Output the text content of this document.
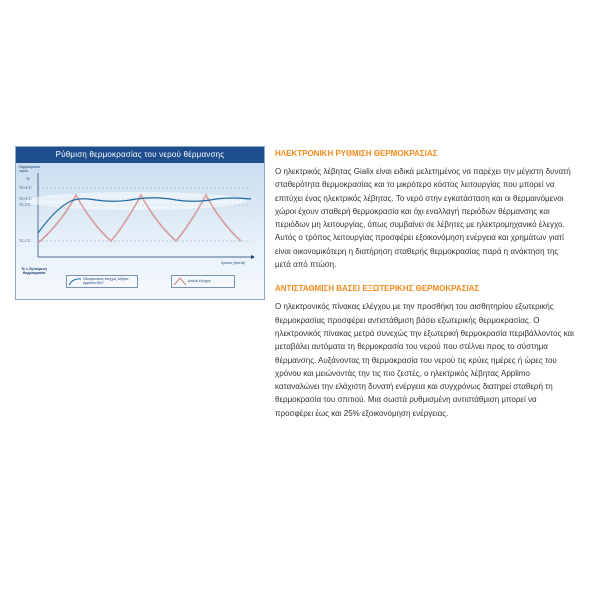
Ρύθμιση θερμοκρασίας του νερού θέρμανσης
Θερμοκρασία νερού
Tc
TC+1°C
TC+1°C
TC-1°C
TC-1°C
Χρόνος (λεπτά)
Tc = Ζητούμενη Θερμοκρασία
Ηλεκτρονικός έλεγχος λέβητα Applimo MX+	Απλός έλεγχος
ΗΛΕΚΤΡΟΝΙΚΗ ΡΥΘΜΙΣΗ ΘΕΡΜΟΚΡΑΣΙΑΣ

Ο ηλεκτρικός λέβητας Gialix είναι ειδικά μελετημένος να παρέχει την μέγιστη δυνατή σταθερότητα θερμοκρασίας και το μικρότερο κόστος λειτουργίας που μπορεί να επιτύχει ένας ηλεκτρικός λέβητας. Το νερό στην εγκατάσταση και οι θερμαινόμενοι χώροι έχουν σταθερή θερμοκρασία και όχι εναλλαγή περιόδων θέρμανσης και περιόδων μη λειτουργίας, όπως συμβαίνει σε λέβητες με ηλεκτρομηχανικό έλεγχο. Αυτός ο τρόπος λειτουργίας προσφέρει εξοικονόμηση ενέργεια και χρημάτων γιατί είναι οικονομικότερη η διατήρηση σταθερής θερμοκρασίας παρά η ανάκτηση της μετά από πτώση.

ΑΝΤΙΣΤΑΘΜΙΣΗ ΒΑΣΕΙ ΕΞΩΤΕΡΙΚΗΣ ΘΕΡΜΟΚΡΑΣΙΑΣ

Ο ηλεκτρονικός πίνακας ελέγχου με την προσθήκη του αισθητηρίου εξωτερικής θερμοκρασίας προσφέρει αντιστάθμιση βάσει εξωτερικής θερμοκρασίας. Ο ηλεκτρονικός πίνακας μετρά συνεχώς την εξωτερική θερμοκρασία περιβάλλοντος και μεταβάλει αυτόματα τη θερμοκρασία του νερού που στέλνει προς το σύστημα θέρμανσης. Αυξάνοντας τη θερμοκρασία του νερού τις κρύες ημέρες ή ώρες του χρόνου και μειώνοντάς την τις πιο ζεστές, ο ηλεκτρικός λέβητας Applimo καταναλώνει την ελάχιστη δυνατή ενέργεια και συγχρόνως διατηρεί σταθερή τη θερμοκρασία του σπιτιού. Μια σωστά ρυθμισμένη αντιστάθμιση μπορεί να προσφέρει έως και 25% εξοικονόμηση ενέργειας.
